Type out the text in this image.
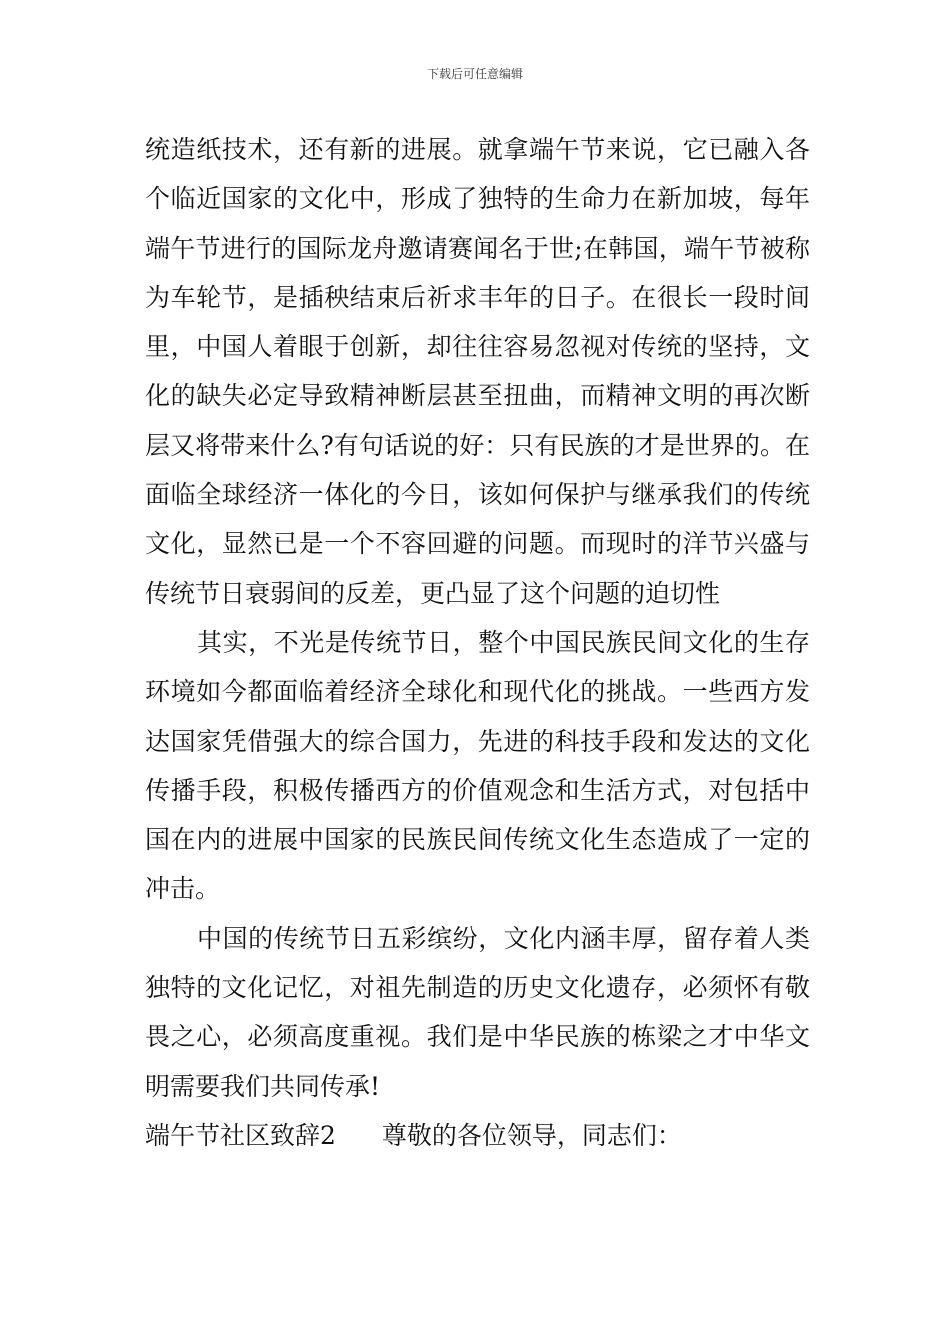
下载后可任意编辑

统造纸技术，还有新的进展。就拿端午节来说，它已融入各个临近国家的文化中，形成了独特的生命力在新加坡，每年端午节进行的国际龙舟邀请赛闻名于世;在韩国，端午节被称为车轮节，是插秧结束后祈求丰年的日子。在很长一段时间里，中国人着眼于创新，却往往容易忽视对传统的坚持，文化的缺失必定导致精神断层甚至扭曲，而精神文明的再次断层又将带来什么?有句话说的好：只有民族的才是世界的。在面临全球经济一体化的今日，该如何保护与继承我们的传统文化，显然已是一个不容回避的问题。而现时的洋节兴盛与传统节日衰弱间的反差，更凸显了这个问题的迫切性

其实，不光是传统节日，整个中国民族民间文化的生存环境如今都面临着经济全球化和现代化的挑战。一些西方发达国家凭借强大的综合国力，先进的科技手段和发达的文化传播手段，积极传播西方的价值观念和生活方式，对包括中国在内的进展中国家的民族民间传统文化生态造成了一定的冲击。

中国的传统节日五彩缤纷，文化内涵丰厚，留存着人类独特的文化记忆，对祖先制造的历史文化遗存，必须怀有敬畏之心，必须高度重视。我们是中华民族的栋梁之才中华文明需要我们共同传承!

端午节社区致辞2 尊敬的各位领导，同志们：
